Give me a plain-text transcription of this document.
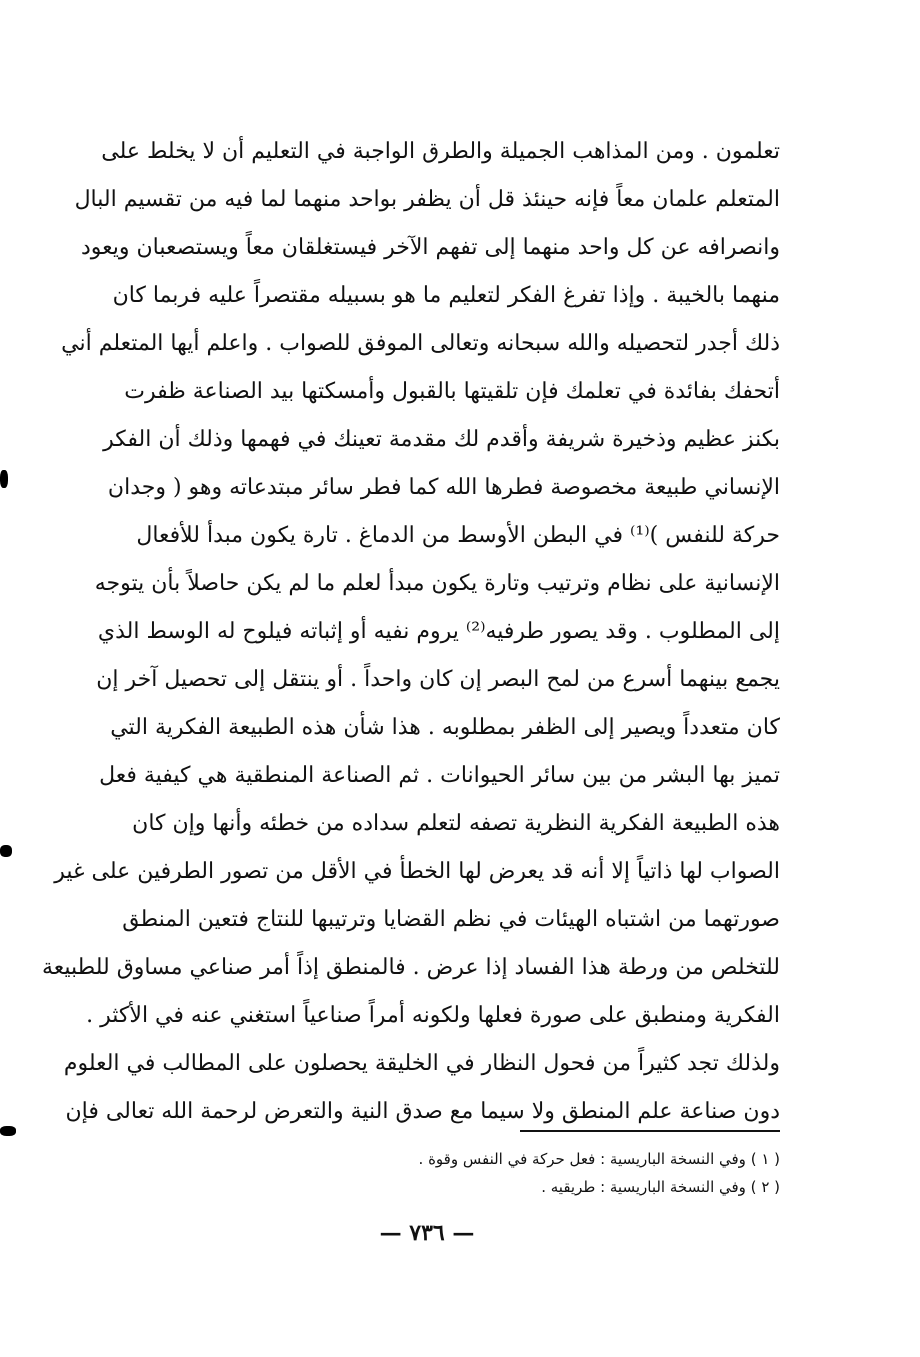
تعلمون . ومن المذاهب الجميلة والطرق الواجبة في التعليم أن لا يخلط على
المتعلم علمان معاً فإنه حينئذ قل أن يظفر بواحد منهما لما فيه من تقسيم البال
وانصرافه عن كل واحد منهما إلى تفهم الآخر فيستغلقان معاً ويستصعبان ويعود
منهما بالخيبة . وإذا تفرغ الفكر لتعليم ما هو بسبيله مقتصراً عليه فربما كان
ذلك أجدر لتحصيله والله سبحانه وتعالى الموفق للصواب . واعلم أيها المتعلم أني
أتحفك بفائدة في تعلمك فإن تلقيتها بالقبول وأمسكتها بيد الصناعة ظفرت
بكنز عظيم وذخيرة شريفة وأقدم لك مقدمة تعينك في فهمها وذلك أن الفكر
الإنساني طبيعة مخصوصة فطرها الله كما فطر سائر مبتدعاته وهو ( وجدان
حركة للنفس )⁽¹⁾ في البطن الأوسط من الدماغ . تارة يكون مبدأ للأفعال
الإنسانية على نظام وترتيب وتارة يكون مبدأ لعلم ما لم يكن حاصلاً بأن يتوجه
إلى المطلوب . وقد يصور طرفيه⁽²⁾ يروم نفيه أو إثباته فيلوح له الوسط الذي
يجمع بينهما أسرع من لمح البصر إن كان واحداً . أو ينتقل إلى تحصيل آخر إن
كان متعدداً ويصير إلى الظفر بمطلوبه . هذا شأن هذه الطبيعة الفكرية التي
تميز بها البشر من بين سائر الحيوانات . ثم الصناعة المنطقية هي كيفية فعل
هذه الطبيعة الفكرية النظرية تصفه لتعلم سداده من خطئه وأنها وإن كان
الصواب لها ذاتياً إلا أنه قد يعرض لها الخطأ في الأقل من تصور الطرفين على غير
صورتهما من اشتباه الهيئات في نظم القضايا وترتيبها للنتاج فتعين المنطق
للتخلص من ورطة هذا الفساد إذا عرض . فالمنطق إذاً أمر صناعي مساوق للطبيعة
الفكرية ومنطبق على صورة فعلها ولكونه أمراً صناعياً استغني عنه في الأكثر .
ولذلك تجد كثيراً من فحول النظار في الخليقة يحصلون على المطالب في العلوم
دون صناعة علم المنطق ولا سيما مع صدق النية والتعرض لرحمة الله تعالى فإن
( ١ ) وفي النسخة الباريسية : فعل حركة في النفس وقوة .
( ٢ ) وفي النسخة الباريسية : طريقيه .
— ٧٣٦ —
